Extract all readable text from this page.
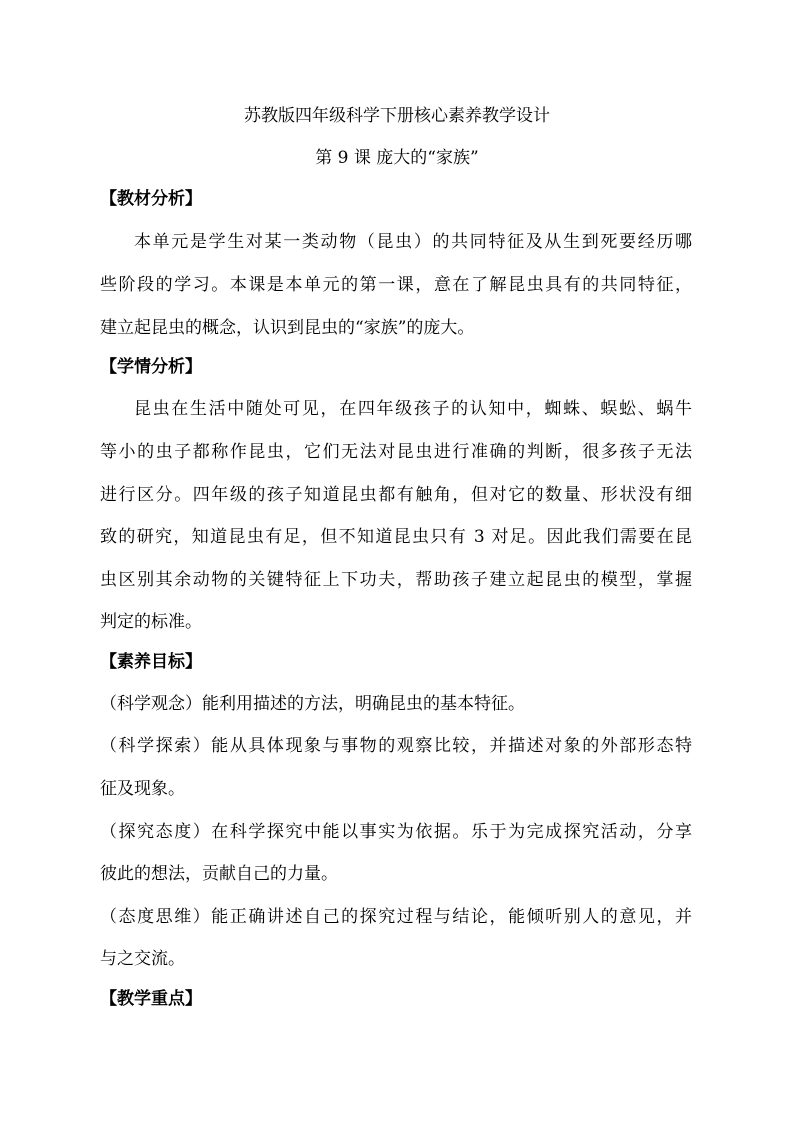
苏教版四年级科学下册核心素养教学设计
第 9 课 庞大的“家族”
【教材分析】
本单元是学生对某一类动物（昆虫）的共同特征及从生到死要经历哪
些阶段的学习。本课是本单元的第一课，意在了解昆虫具有的共同特征，
建立起昆虫的概念，认识到昆虫的“家族”的庞大。
【学情分析】
昆虫在生活中随处可见，在四年级孩子的认知中，蜘蛛、蜈蚣、蜗牛
等小的虫子都称作昆虫，它们无法对昆虫进行准确的判断，很多孩子无法
进行区分。四年级的孩子知道昆虫都有触角，但对它的数量、形状没有细
致的研究，知道昆虫有足，但不知道昆虫只有 3 对足。因此我们需要在昆
虫区别其余动物的关键特征上下功夫，帮助孩子建立起昆虫的模型，掌握
判定的标准。
【素养目标】
（科学观念）能利用描述的方法，明确昆虫的基本特征。
（科学探索）能从具体现象与事物的观察比较，并描述对象的外部形态特
征及现象。
（探究态度）在科学探究中能以事实为依据。乐于为完成探究活动，分享
彼此的想法，贡献自己的力量。
（态度思维）能正确讲述自己的探究过程与结论，能倾听别人的意见，并
与之交流。
【教学重点】
